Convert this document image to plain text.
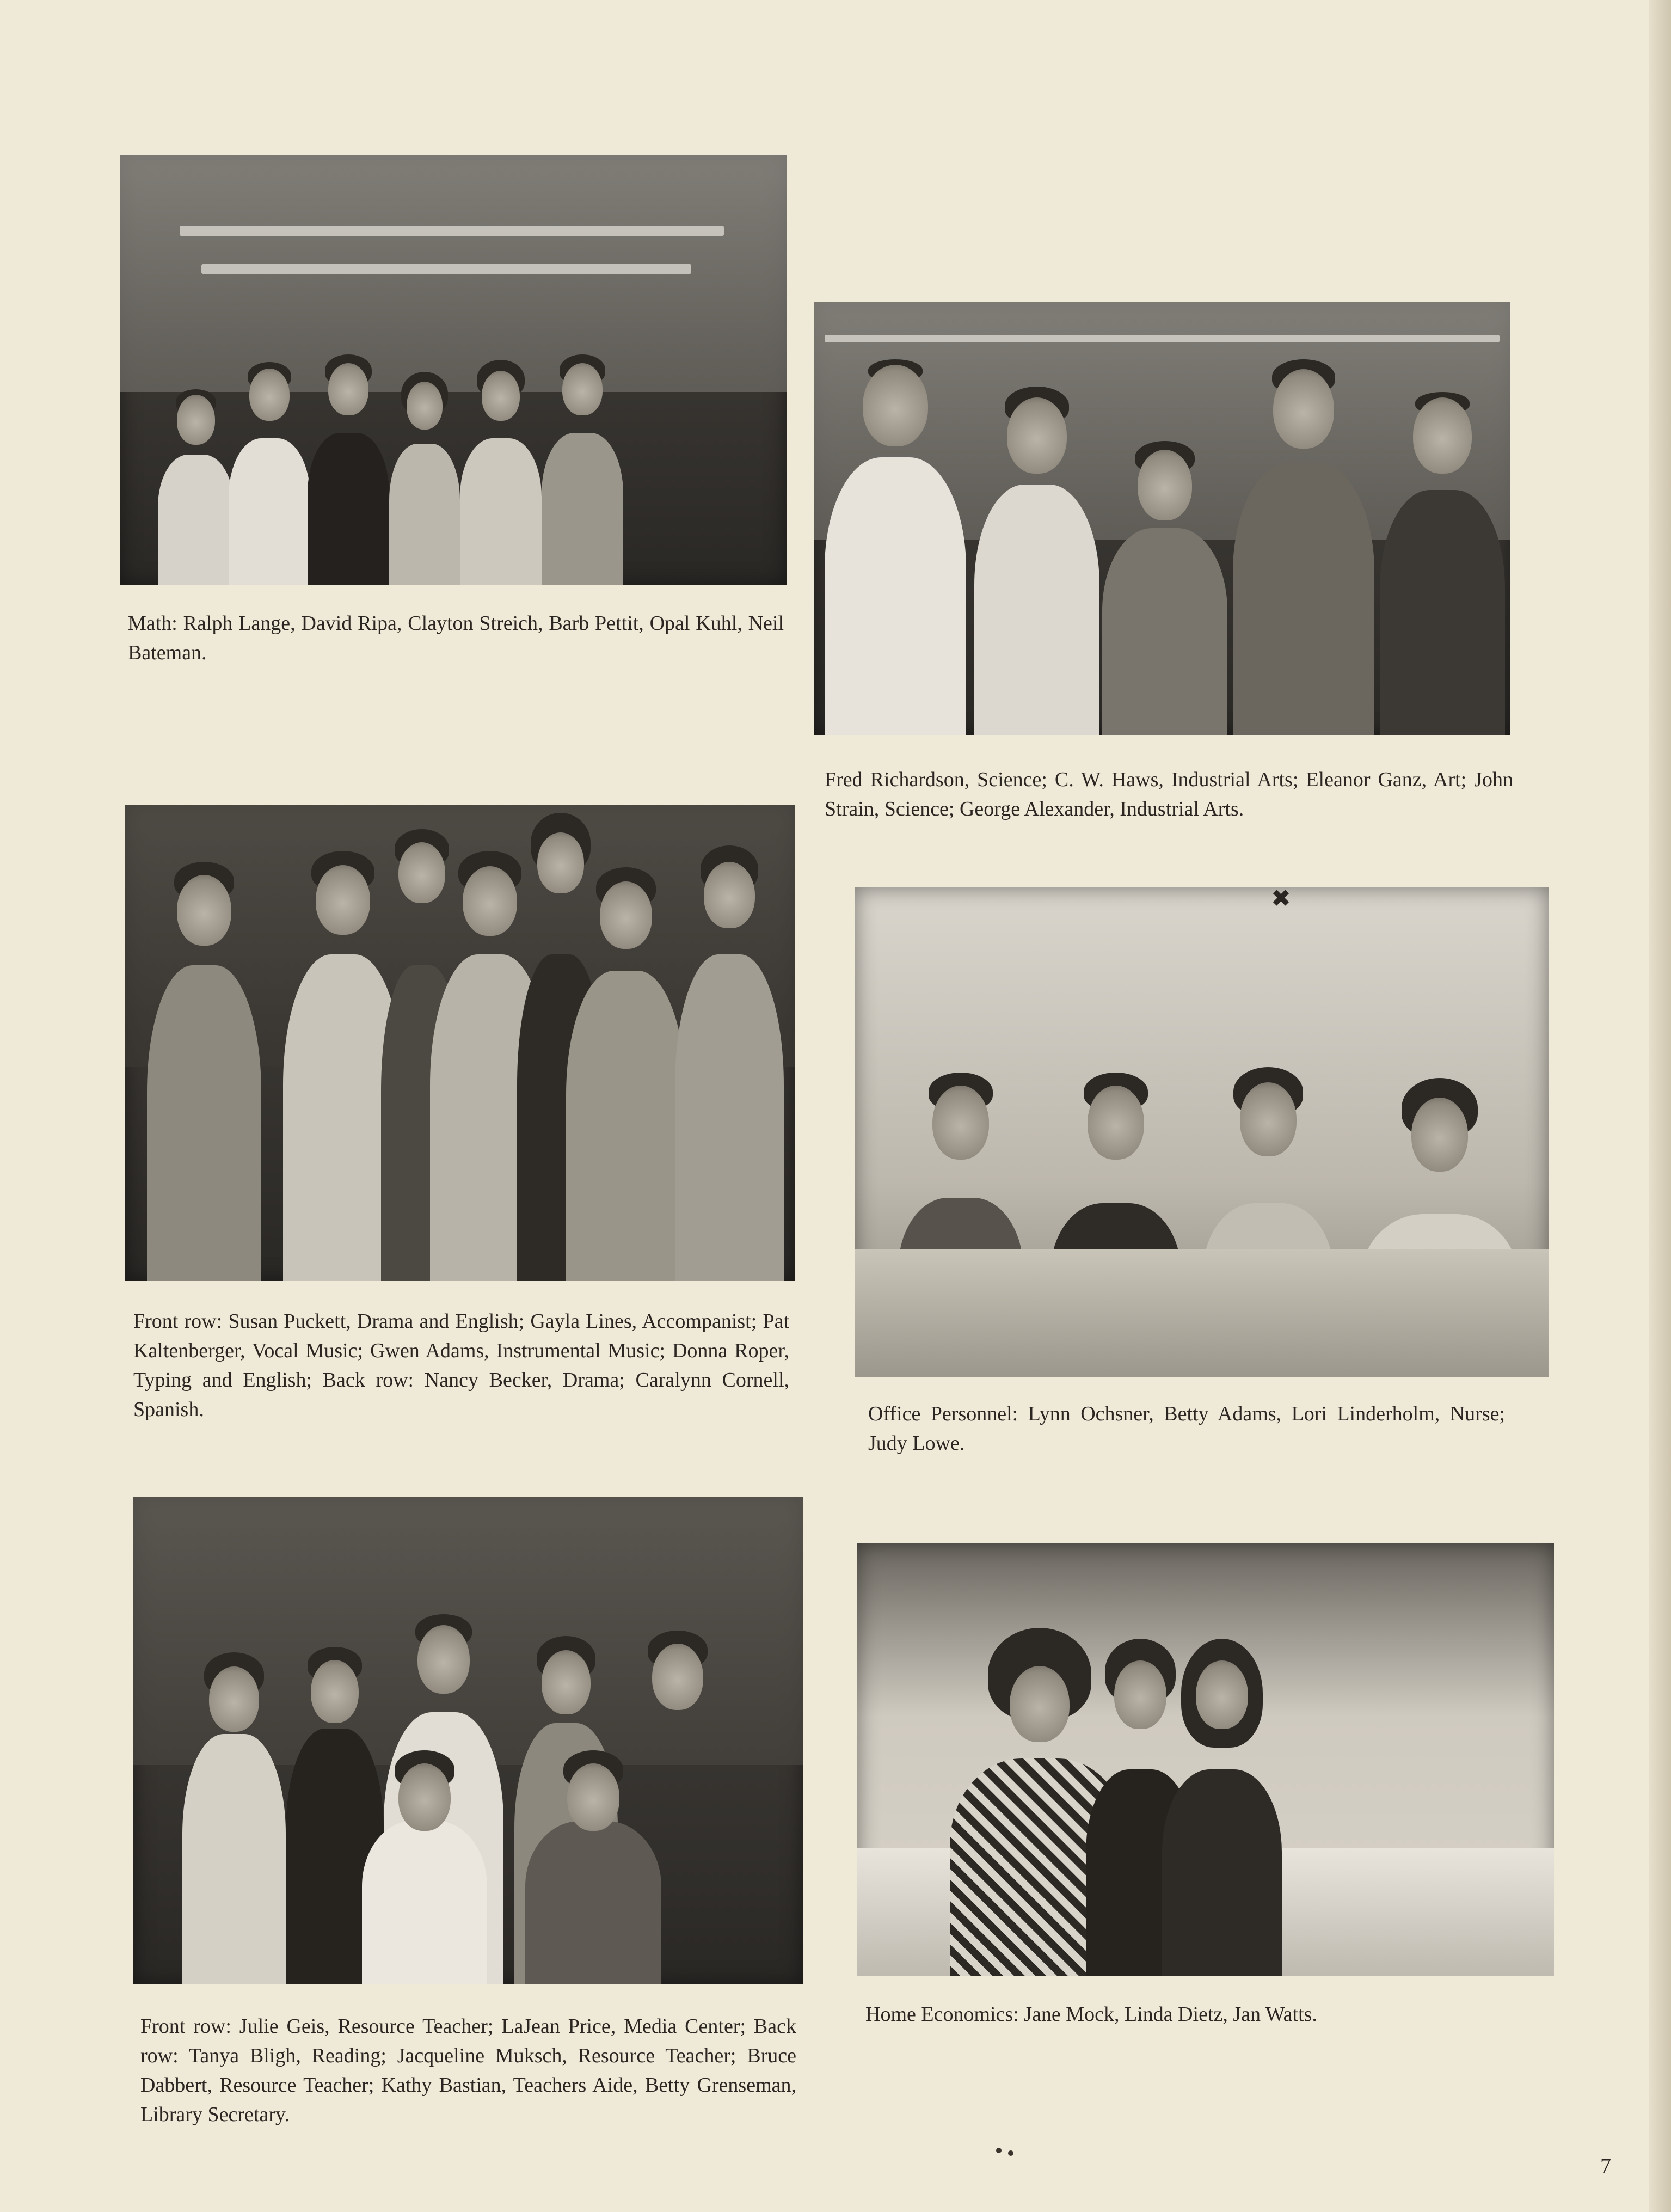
Math: Ralph Lange, David Ripa, Clayton Streich, Barb Pettit, Opal Kuhl, Neil Bateman.

Fred Richardson, Science; C. W. Haws, Industrial Arts; Eleanor Ganz, Art; John Strain, Science; George Alexander, Industrial Arts.

Front row: Susan Puckett, Drama and English; Gayla Lines, Accompanist; Pat Kaltenberger, Vocal Music; Gwen Adams, Instrumental Music; Donna Roper, Typing and English; Back row: Nancy Becker, Drama; Caralynn Cornell, Spanish.	Office Personnel: Lynn Ochsner, Betty Adams, Lori Linderholm, Nurse; Judy Lowe.

Front row: Julie Geis, Resource Teacher; LaJean Price, Media Center; Back row: Tanya Bligh, Reading; Jacqueline Muksch, Resource Teacher; Bruce Dabbert, Resource Teacher; Kathy Bastian, Teachers Aide, Betty Grenseman, Library Secretary.

Home Economics: Jane Mock, Linda Dietz, Jan Watts.

✖
7
